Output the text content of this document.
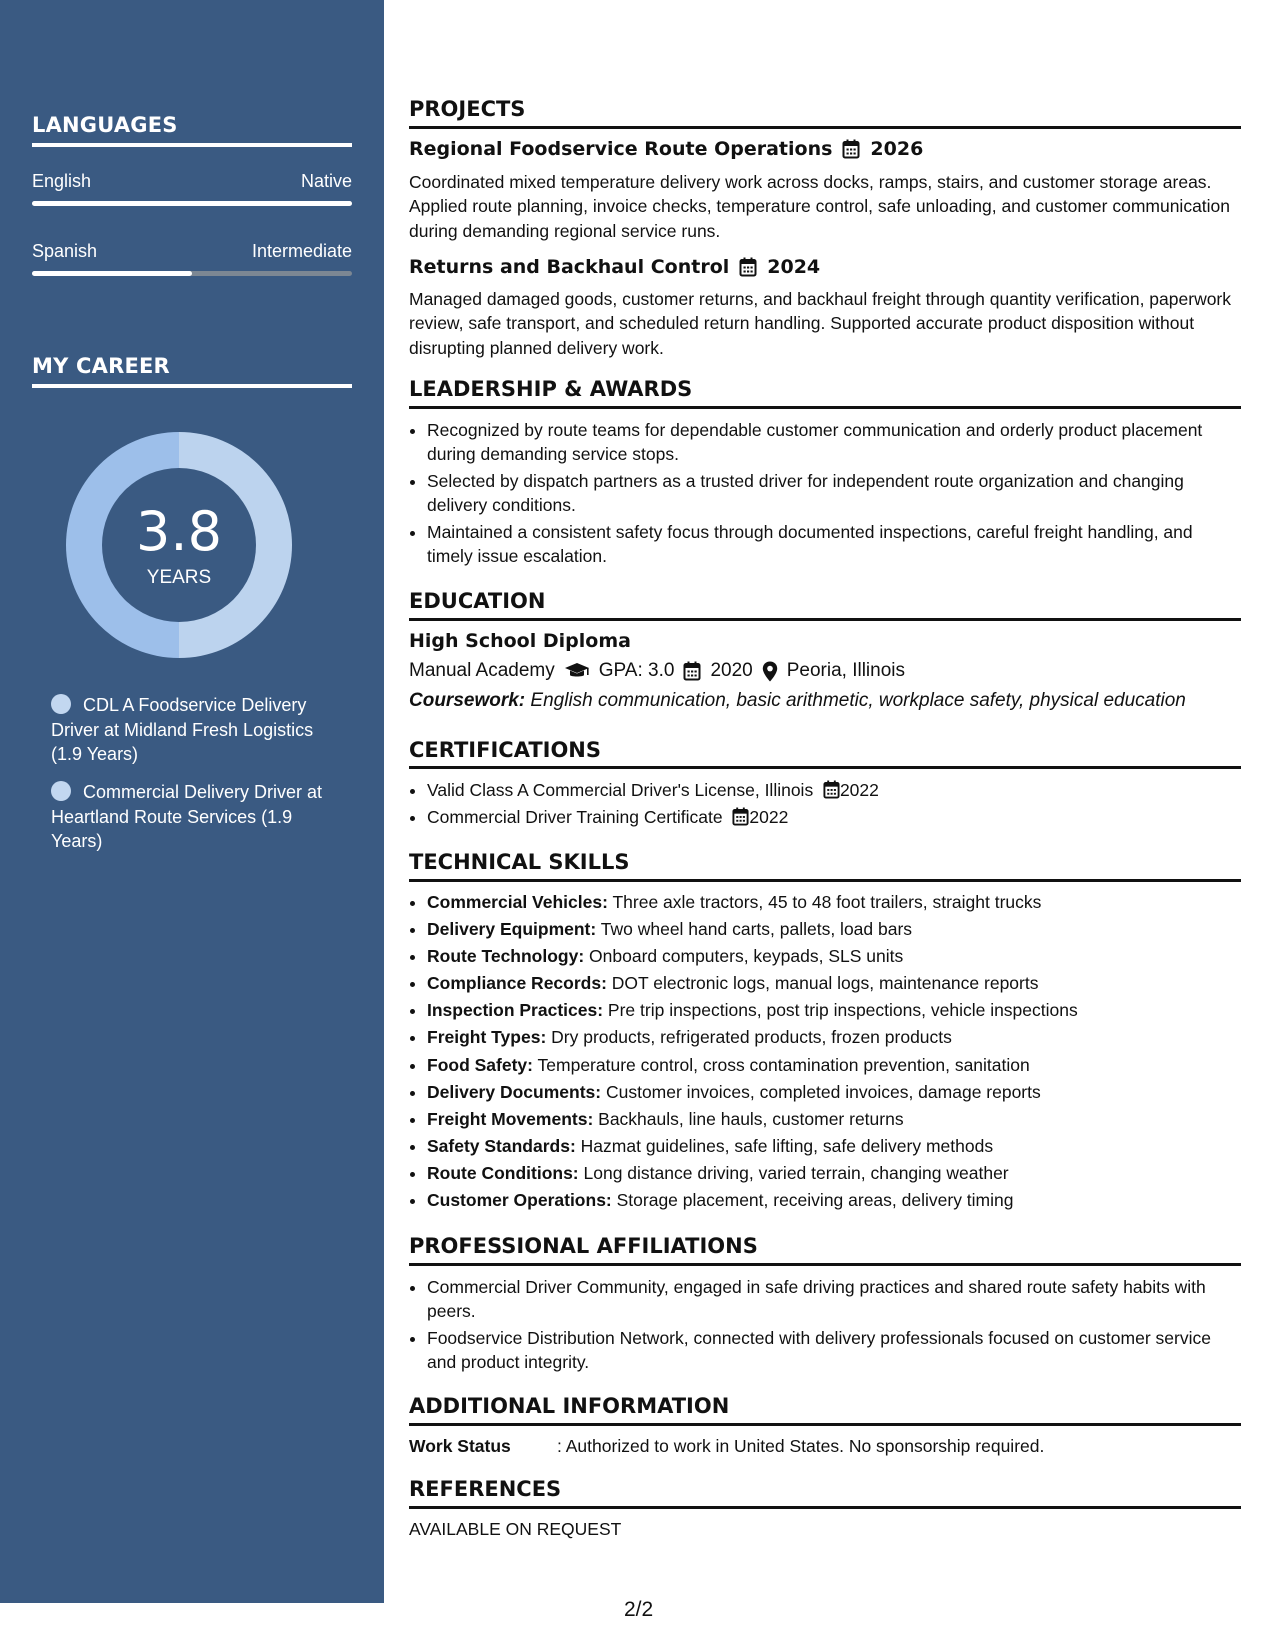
LANGUAGES
English	Native
Spanish	Intermediate
MY CAREER
3.8
YEARS
CDL A Foodservice Delivery Driver at Midland Fresh Logistics (1.9 Years)
Commercial Delivery Driver at Heartland Route Services (1.9 Years)
PROJECTS
Regional Foodservice Route Operations 2026
Coordinated mixed temperature delivery work across docks, ramps, stairs, and customer storage areas. Applied route planning, invoice checks, temperature control, safe unloading, and customer communication during demanding regional service runs.
Returns and Backhaul Control 2024
Managed damaged goods, customer returns, and backhaul freight through quantity verification, paperwork review, safe transport, and scheduled return handling. Supported accurate product disposition without disrupting planned delivery work.
LEADERSHIP & AWARDS
• Recognized by route teams for dependable customer communication and orderly product placement during demanding service stops.
• Selected by dispatch partners as a trusted driver for independent route organization and changing delivery conditions.
• Maintained a consistent safety focus through documented inspections, careful freight handling, and timely issue escalation.
EDUCATION
High School Diploma
Manual Academy GPA: 3.0 2020 Peoria, Illinois
Coursework: English communication, basic arithmetic, workplace safety, physical education
CERTIFICATIONS
• Valid Class A Commercial Driver's License, Illinois 2022
• Commercial Driver Training Certificate 2022
TECHNICAL SKILLS
• Commercial Vehicles: Three axle tractors, 45 to 48 foot trailers, straight trucks
• Delivery Equipment: Two wheel hand carts, pallets, load bars
• Route Technology: Onboard computers, keypads, SLS units
• Compliance Records: DOT electronic logs, manual logs, maintenance reports
• Inspection Practices: Pre trip inspections, post trip inspections, vehicle inspections
• Freight Types: Dry products, refrigerated products, frozen products
• Food Safety: Temperature control, cross contamination prevention, sanitation
• Delivery Documents: Customer invoices, completed invoices, damage reports
• Freight Movements: Backhauls, line hauls, customer returns
• Safety Standards: Hazmat guidelines, safe lifting, safe delivery methods
• Route Conditions: Long distance driving, varied terrain, changing weather
• Customer Operations: Storage placement, receiving areas, delivery timing
PROFESSIONAL AFFILIATIONS
• Commercial Driver Community, engaged in safe driving practices and shared route safety habits with peers.
• Foodservice Distribution Network, connected with delivery professionals focused on customer service and product integrity.
ADDITIONAL INFORMATION
Work Status	: Authorized to work in United States. No sponsorship required.
REFERENCES
AVAILABLE ON REQUEST
2/2
